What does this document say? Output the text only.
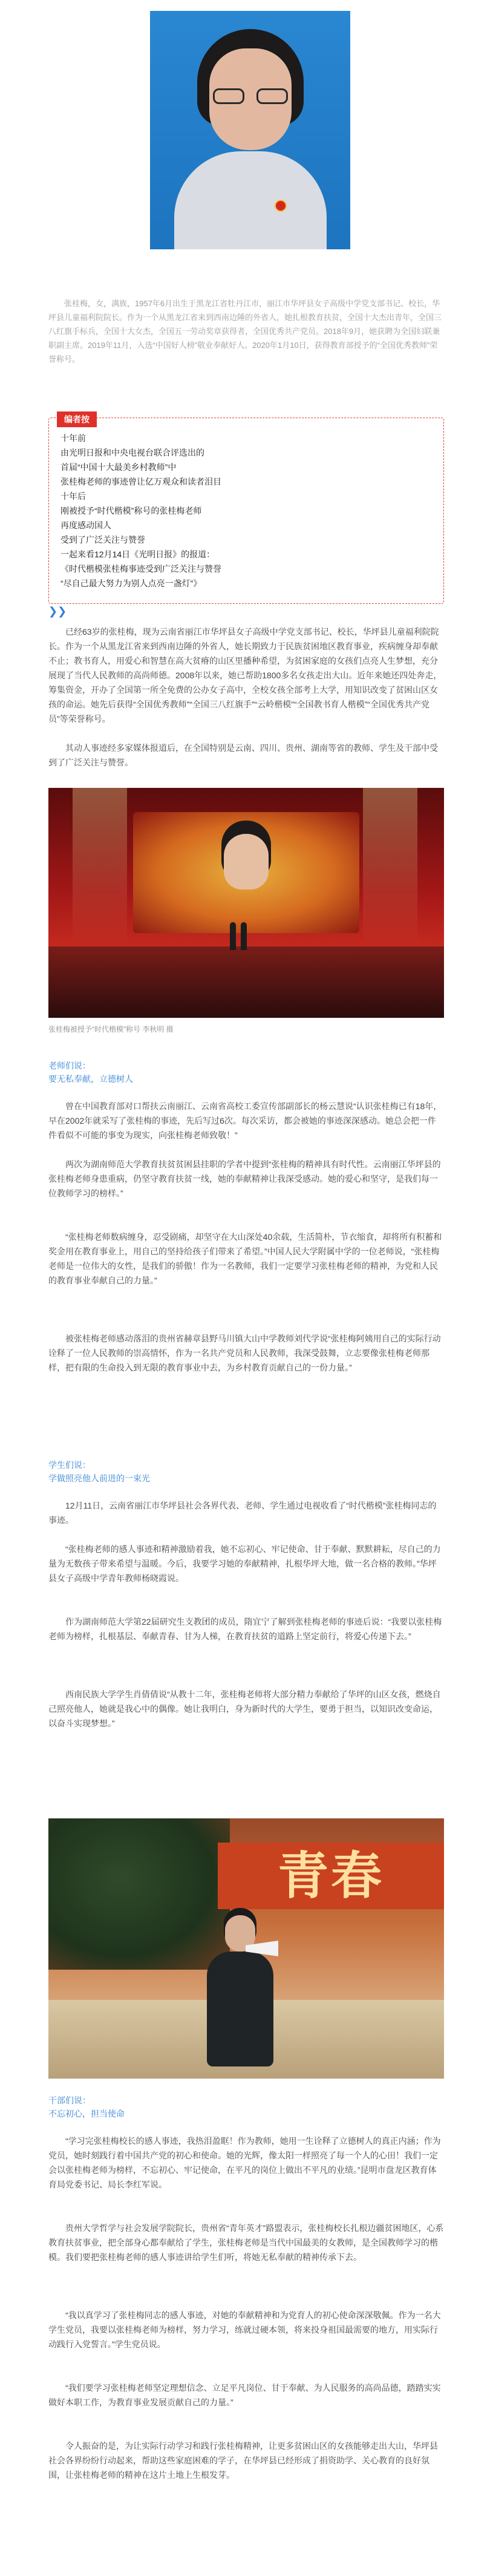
张桂梅，女，满族，1957年6月出生于黑龙江省牡丹江市，丽江市华坪县女子高级中学党支部书记、校长，华坪县儿童福利院院长。作为一个从黑龙江省来到西南边陲的外省人，她扎根教育扶贫，全国十大杰出青年，全国三八红旗手标兵，全国十大女杰，全国五一劳动奖章获得者，全国优秀共产党员。2018年9月，她获聘为全国妇联兼职副主席。2019年11月，入选“中国好人榜”敬业奉献好人。2020年1月10日，获得教育部授予的“全国优秀教师”荣誉称号。

编者按
十年前
由光明日报和中央电视台联合评选出的
首届“中国十大最美乡村教师”中
张桂梅老师的事迹曾让亿万观众和读者泪目
十年后
刚被授予“时代楷模”称号的张桂梅老师
再度感动国人
受到了广泛关注与赞誉
一起来看12月14日《光明日报》的报道：
《时代楷模张桂梅事迹受到广泛关注与赞誉
“尽自己最大努力为别人点亮一盏灯”》
❯❯

已经63岁的张桂梅，现为云南省丽江市华坪县女子高级中学党支部书记、校长，华坪县儿童福利院院长。作为一个从黑龙江省来到西南边陲的外省人，她长期致力于民族贫困地区教育事业，疾病缠身却奉献不止；教书育人，用爱心和智慧在高大贫瘠的山区里播种希望，为贫困家庭的女孩们点亮人生梦想，充分展现了当代人民教师的高尚师德。2008年以来，她已帮助1800多名女孩走出大山。近年来她还四处奔走，筹集资金，开办了全国第一所全免费的公办女子高中，全校女孩全部考上大学，用知识改变了贫困山区女孩的命运。她先后获得“全国优秀教师”“全国三八红旗手”“云岭楷模”“全国教书育人楷模”“全国优秀共产党员”等荣誉称号。

其动人事迹经多家媒体报道后，在全国特别是云南、四川、贵州、湖南等省的教师、学生及干部中受到了广泛关注与赞誉。

张桂梅被授予“时代楷模”称号 李秋明 摄

老师们说：

要无私奉献，立德树人

曾在中国教育部对口帮扶云南丽江、云南省高校工委宣传部副部长的杨云慧说“认识张桂梅已有18年，早在2002年就采写了张桂梅的事迹，先后写过6次。每次采访，都会被她的事迹深深感动。她总会把一件件看似不可能的事变为现实，向张桂梅老师致敬！”

两次为湖南师范大学教育扶贫贫困县挂职的学者中提到“张桂梅的精神具有时代性。云南丽江华坪县的张桂梅老师身患重病，仍坚守教育扶贫一线，她的奉献精神让我深受感动。她的爱心和坚守，是我们每一位教师学习的榜样。”

“张桂梅老师数病缠身，忍受剧痛，却坚守在大山深处40余载，生活简朴，节衣缩食，却将所有积蓄和奖金用在教育事业上，用自己的坚持给孩子们带来了希望。”中国人民大学附属中学的一位老师说，“张桂梅老师是一位伟大的女性，是我们的骄傲！作为一名教师，我们一定要学习张桂梅老师的精神，为党和人民的教育事业奉献自己的力量。”

被张桂梅老师感动落泪的贵州省赫章县野马川镇大山中学教师刘代学说“张桂梅阿姨用自己的实际行动诠释了一位人民教师的崇高情怀，作为一名共产党员和人民教师，我深受鼓舞，立志要像张桂梅老师那样，把有限的生命投入到无限的教育事业中去，为乡村教育贡献自己的一份力量。”

学生们说：

学做照亮他人前进的一束光

12月11日，云南省丽江市华坪县社会各界代表、老师、学生通过电视收看了“时代楷模”张桂梅同志的事迹。

“张桂梅老师的感人事迹和精神激励着我，她不忘初心、牢记使命、甘于奉献、默默耕耘，尽自己的力量为无数孩子带来希望与温暖。今后，我要学习她的奉献精神，扎根华坪大地，做一名合格的教师。”华坪县女子高级中学青年教师杨晓霞说。

作为湖南师范大学第22届研究生支教团的成员，隋宜宁了解到张桂梅老师的事迹后说：“我要以张桂梅老师为榜样，扎根基层、奉献青春、甘为人梯，在教育扶贫的道路上坚定前行，将爱心传递下去。”

西南民族大学学生肖倩倩说“从教十二年，张桂梅老师将大部分精力奉献给了华坪的山区女孩，燃烧自己照亮他人，她就是我心中的偶像。她让我明白，身为新时代的大学生，要勇于担当，以知识改变命运，以奋斗实现梦想。”

青春

干部们说：

不忘初心，担当使命

“学习完张桂梅校长的感人事迹，我热泪盈眶！作为教师，她用一生诠释了立德树人的真正内涵；作为党员，她时刻践行着中国共产党的初心和使命。她的光辉，像太阳一样照亮了每一个人的心田！我们一定会以张桂梅老师为榜样，不忘初心、牢记使命，在平凡的岗位上做出不平凡的业绩。”昆明市盘龙区教育体育局党委书记、局长李红军说。

贵州大学哲学与社会发展学院院长，贵州省“青年英才”路盟表示，张桂梅校长扎根边疆贫困地区，心系教育扶贫事业，把全部身心都奉献给了学生，张桂梅老师是当代中国最美的女教师，是全国教师学习的楷模。我们要把张桂梅老师的感人事迹讲给学生们听，将她无私奉献的精神传承下去。

“我以真学习了张桂梅同志的感人事迹，对她的奉献精神和为党育人的初心使命深深敬佩。作为一名大学生党员，我要以张桂梅老师为榜样，努力学习，练就过硬本领，将来投身祖国最需要的地方，用实际行动践行入党誓言。”学生党员说。

“我们要学习张桂梅老师坚定理想信念、立足平凡岗位、甘于奉献、为人民服务的高尚品德，踏踏实实做好本职工作，为教育事业发展贡献自己的力量。”

令人振奋的是，为让实际行动学习和践行张桂梅精神，让更多贫困山区的女孩能够走出大山，华坪县社会各界纷纷行动起来，帮助这些家庭困难的学子，在华坪县已经形成了捐资助学、关心教育的良好氛围，让张桂梅老师的精神在这片土地上生根发芽。
